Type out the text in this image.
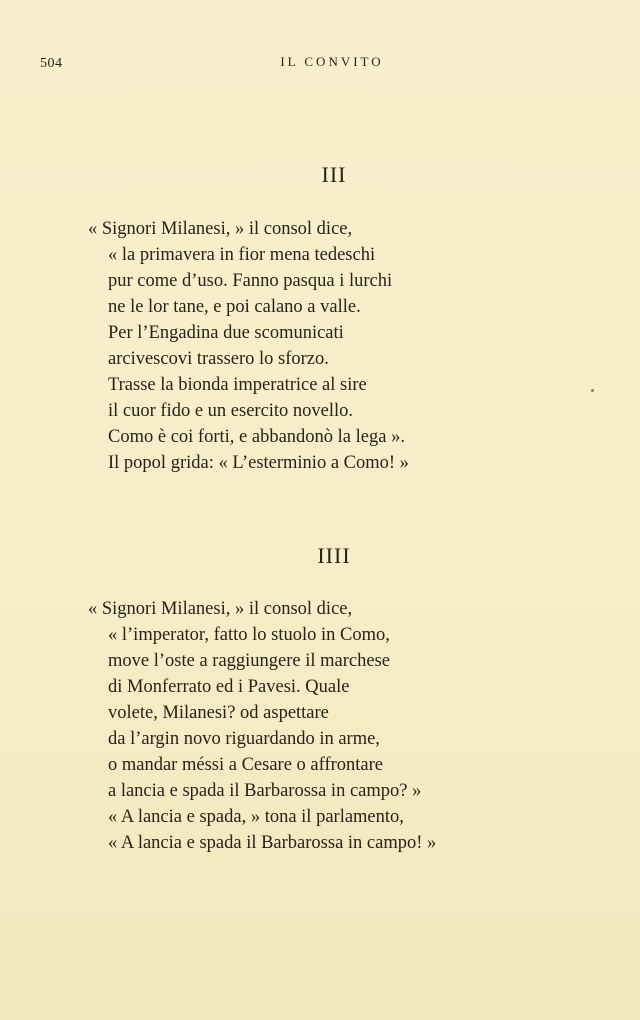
504	IL CONVITO
III
« Signori Milanesi, » il consol dice,
« la primavera in fior mena tedeschi
pur come d’uso. Fanno pasqua i lurchi
ne le lor tane, e poi calano a valle.
Per l’Engadina due scomunicati
arcivescovi trassero lo sforzo.
Trasse la bionda imperatrice al sire
il cuor fido e un esercito novello.
Como è coi forti, e abbandonò la lega ».
Il popol grida: « L’esterminio a Como! »
IIII
« Signori Milanesi, » il consol dice,
« l’imperator, fatto lo stuolo in Como,
move l’oste a raggiungere il marchese
di Monferrato ed i Pavesi. Quale
volete, Milanesi? od aspettare
da l’argin novo riguardando in arme,
o mandar méssi a Cesare o affrontare
a lancia e spada il Barbarossa in campo? »
« A lancia e spada, » tona il parlamento,
« A lancia e spada il Barbarossa in campo! »
